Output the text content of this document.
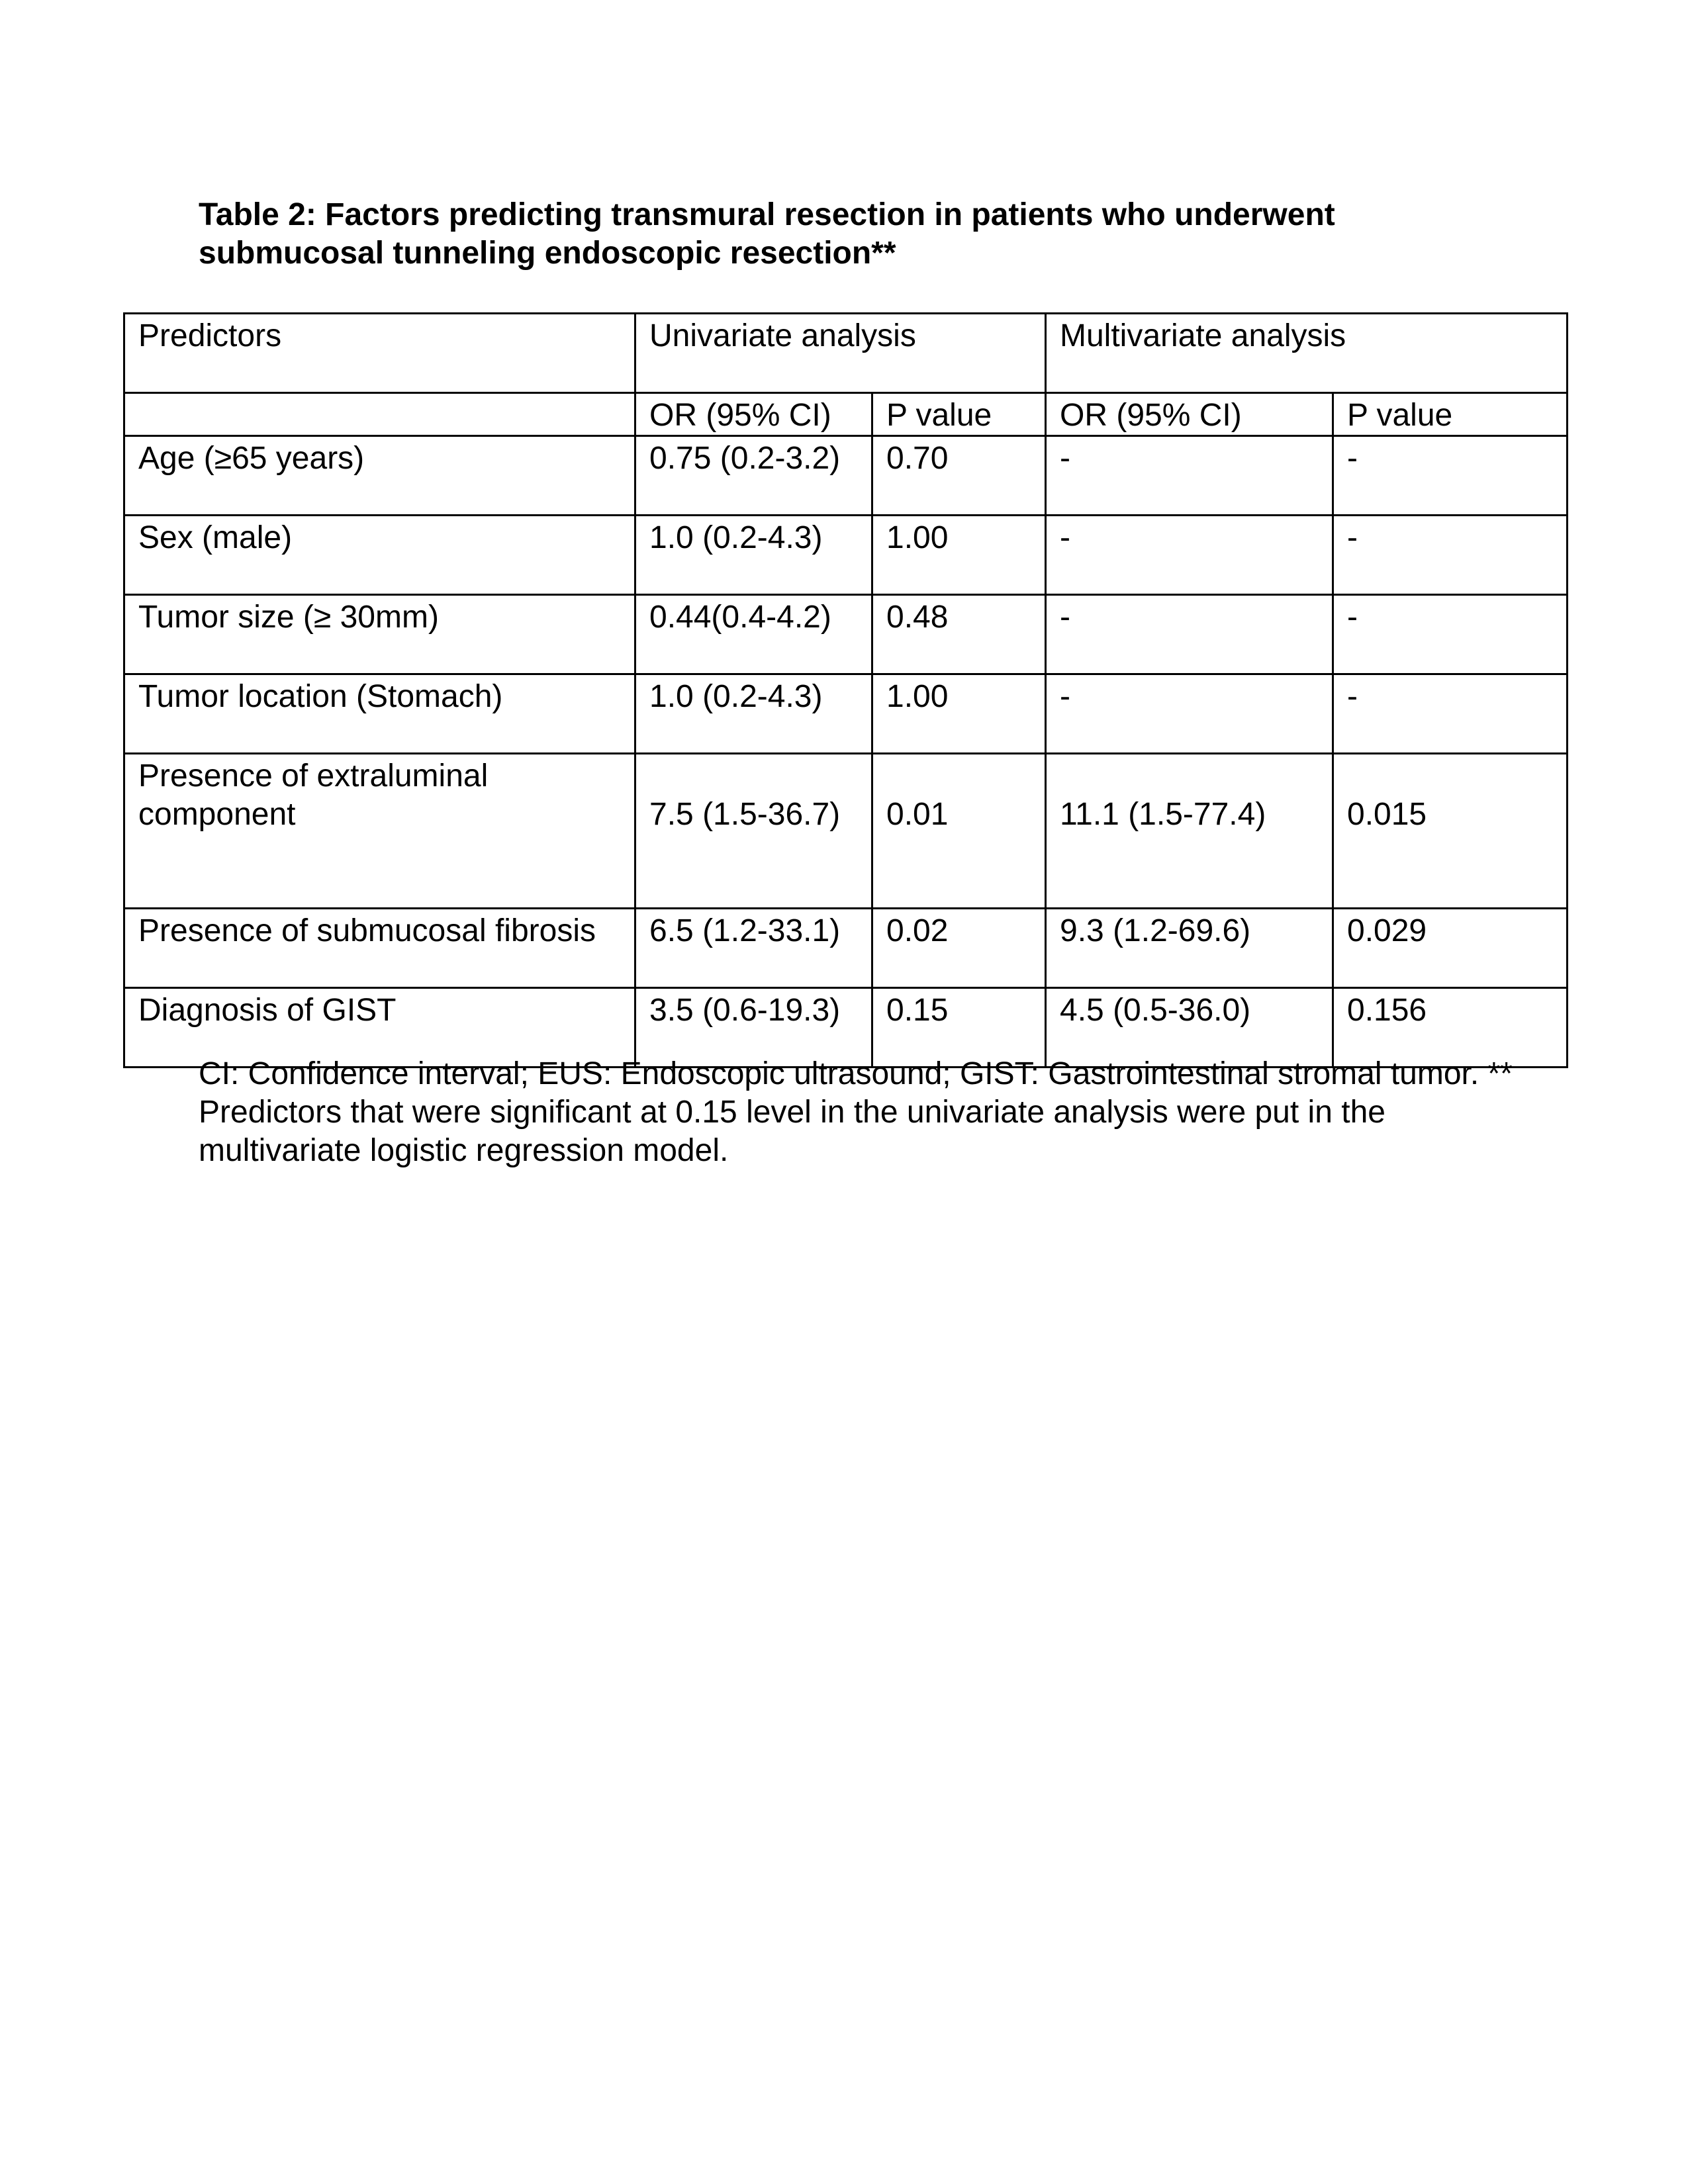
Table 2: Factors predicting transmural resection in patients who underwent submucosal tunneling endoscopic resection**
Predictors	Univariate analysis		Multivariate analysis	
	OR (95% CI)	P value	OR (95% CI)	P value
Age (≥65 years)	0.75 (0.2-3.2)	0.70	-	-
Sex (male)	1.0 (0.2-4.3)	1.00	-	-
Tumor size (≥ 30mm)	0.44(0.4-4.2)	0.48	-	-
Tumor location (Stomach)	1.0 (0.2-4.3)	1.00	-	-
Presence of extraluminal component	7.5 (1.5-36.7)	0.01	11.1 (1.5-77.4)	0.015
Presence of submucosal fibrosis	6.5 (1.2-33.1)	0.02	9.3 (1.2-69.6)	0.029
Diagnosis of GIST	3.5 (0.6-19.3)	0.15	4.5 (0.5-36.0)	0.156
CI: Confidence interval; EUS: Endoscopic ultrasound; GIST: Gastrointestinal stromal tumor. ** Predictors that were significant at 0.15 level in the univariate analysis were put in the multivariate logistic regression model.
